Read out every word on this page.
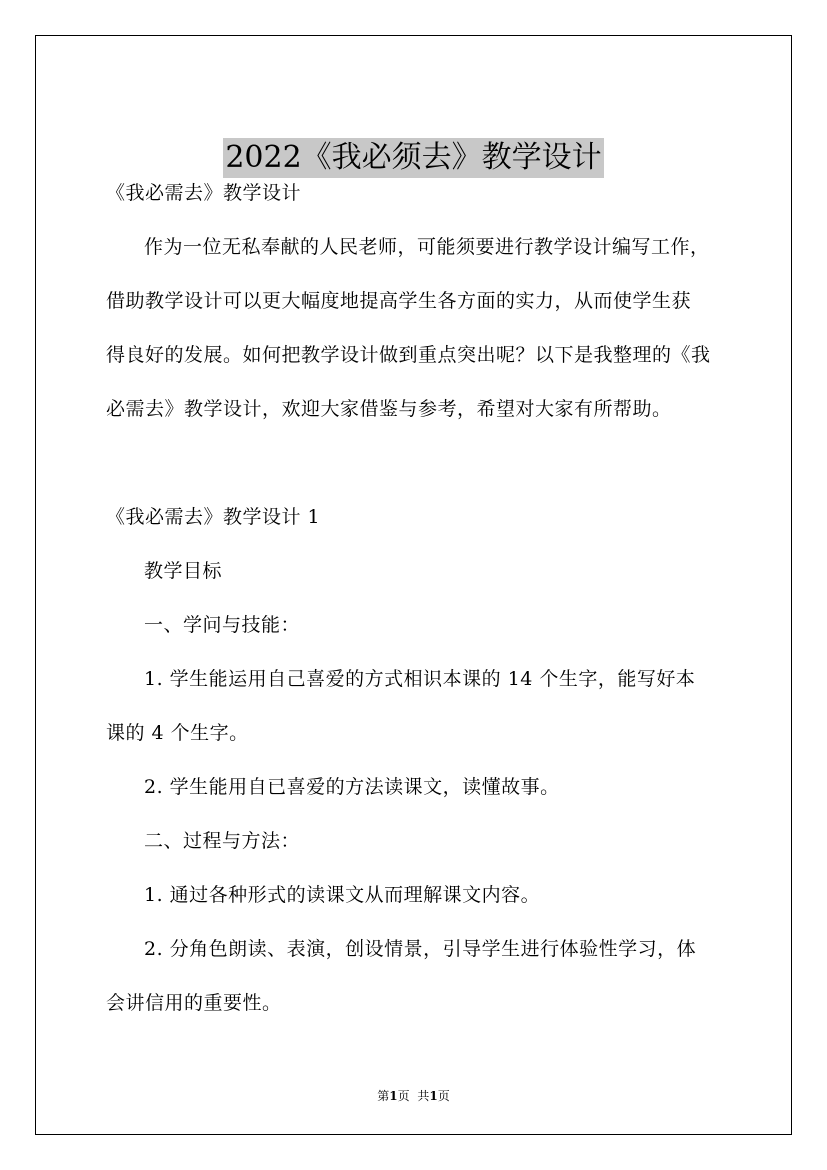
2022《我必须去》教学设计
《我必需去》教学设计
作为一位无私奉献的人民老师，可能须要进行教学设计编写工作，
借助教学设计可以更大幅度地提高学生各方面的实力，从而使学生获
得良好的发展。如何把教学设计做到重点突出呢？以下是我整理的《我
必需去》教学设计，欢迎大家借鉴与参考，希望对大家有所帮助。
《我必需去》教学设计 1
教学目标
一、学问与技能：
1. 学生能运用自己喜爱的方式相识本课的 14 个生字，能写好本
课的 4 个生字。
2. 学生能用自已喜爱的方法读课文，读懂故事。
二、过程与方法：
1. 通过各种形式的读课文从而理解课文内容。
2. 分角色朗读、表演，创设情景，引导学生进行体验性学习，体
会讲信用的重要性。
第1页 共1页
